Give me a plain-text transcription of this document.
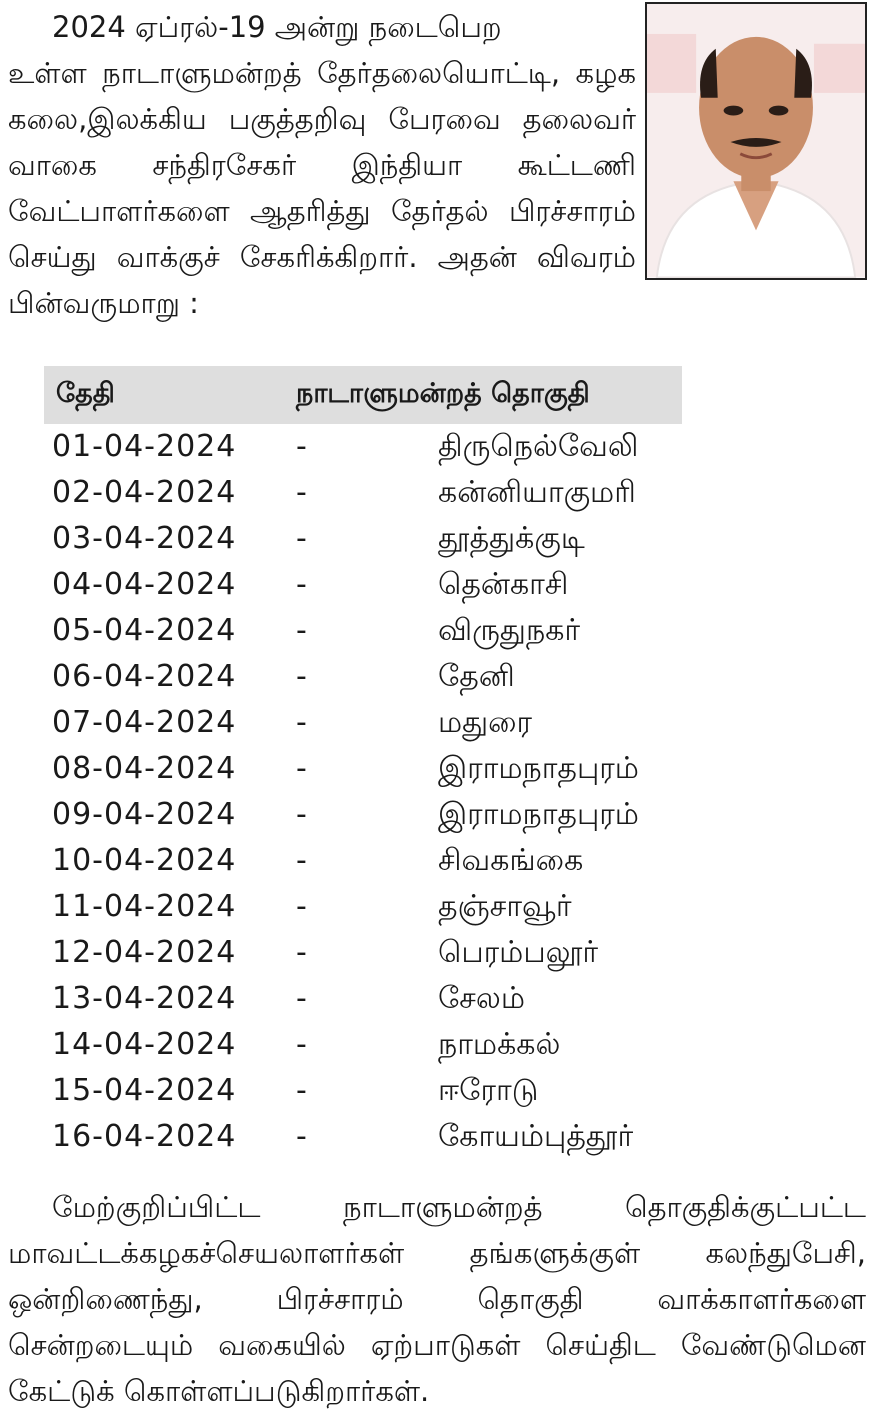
2024 ஏப்ரல்-19 அன்று நடைபெற
உள்ள நாடாளுமன்றத் தேர்தலையொட்டி, கழக கலை,இலக்கிய பகுத்தறிவு பேரவை தலைவர் வாகை சந்திரசேகர் இந்தியா கூட்டணி வேட்பாளர்களை ஆதரித்து தேர்தல் பிரச்சாரம் செய்து வாக்குச் சேகரிக்கிறார். அதன் விவரம் பின்வருமாறு :

தேதி	நாடாளுமன்றத் தொகுதி
01-04-2024 -	திருநெல்வேலி
02-04-2024 -	கன்னியாகுமரி
03-04-2024 -	தூத்துக்குடி
04-04-2024 -	தென்காசி
05-04-2024 -	விருதுநகர்
06-04-2024 -	தேனி
07-04-2024 -	மதுரை
08-04-2024 -	இராமநாதபுரம்
09-04-2024 -	இராமநாதபுரம்
10-04-2024 -	சிவகங்கை
11-04-2024 -	தஞ்சாவூர்
12-04-2024 -	பெரம்பலூர்
13-04-2024 -	சேலம்
14-04-2024 -	நாமக்கல்
15-04-2024 -	ஈரோடு
16-04-2024 -	கோயம்புத்தூர்

மேற்குறிப்பிட்ட நாடாளுமன்றத் தொகுதிக்குட்பட்ட மாவட்டக்கழகச்செயலாளர்கள் தங்களுக்குள் கலந்துபேசி, ஒன்றிணைந்து, பிரச்சாரம் தொகுதி வாக்காளர்களை சென்றடையும் வகையில் ஏற்பாடுகள் செய்திட வேண்டுமென கேட்டுக் கொள்ளப்படுகிறார்கள்.
